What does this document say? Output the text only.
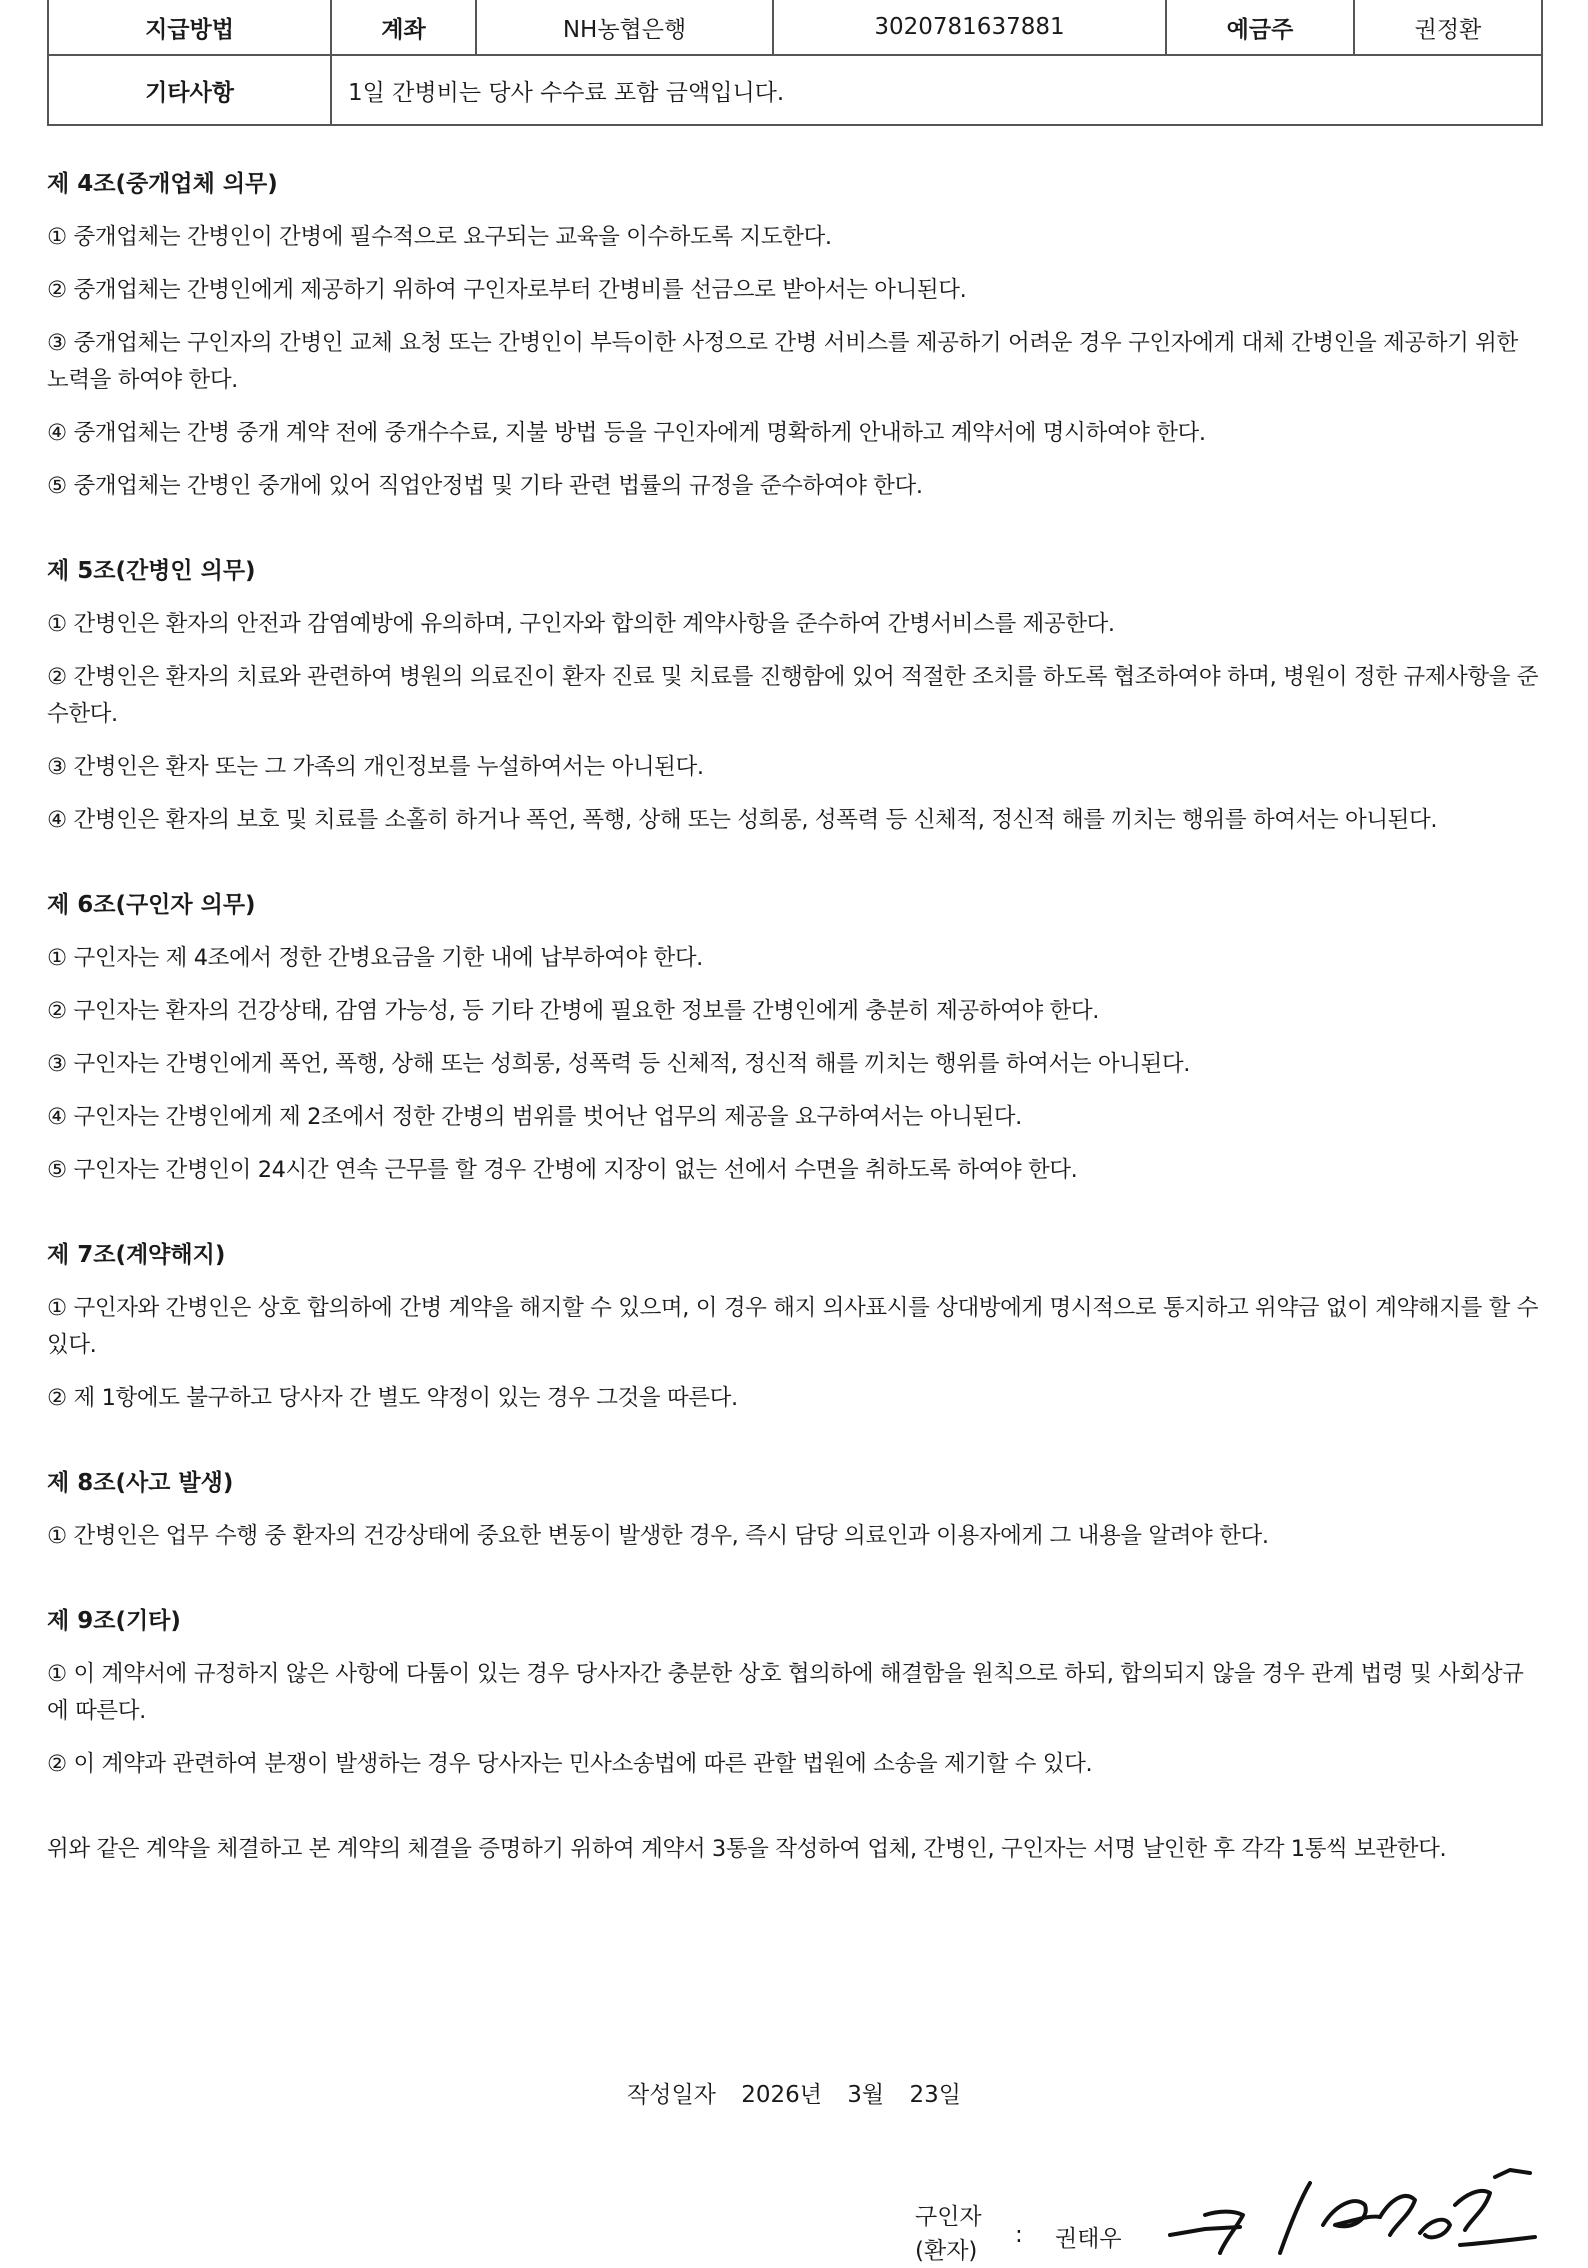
지급방법	계좌	NH농협은행	3020781637881	예금주	권정환
기타사항	1일 간병비는 당사 수수료 포함 금액입니다.				
제 4조(중개업체 의무)

① 중개업체는 간병인이 간병에 필수적으로 요구되는 교육을 이수하도록 지도한다.

② 중개업체는 간병인에게 제공하기 위하여 구인자로부터 간병비를 선금으로 받아서는 아니된다.

③ 중개업체는 구인자의 간병인 교체 요청 또는 간병인이 부득이한 사정으로 간병 서비스를 제공하기 어려운 경우 구인자에게 대체 간병인을 제공하기 위한 노력을 하여야 한다.

④ 중개업체는 간병 중개 계약 전에 중개수수료, 지불 방법 등을 구인자에게 명확하게 안내하고 계약서에 명시하여야 한다.

⑤ 중개업체는 간병인 중개에 있어 직업안정법 및 기타 관련 법률의 규정을 준수하여야 한다.

제 5조(간병인 의무)

① 간병인은 환자의 안전과 감염예방에 유의하며, 구인자와 합의한 계약사항을 준수하여 간병서비스를 제공한다.

② 간병인은 환자의 치료와 관련하여 병원의 의료진이 환자 진료 및 치료를 진행함에 있어 적절한 조치를 하도록 협조하여야 하며, 병원이 정한 규제사항을 준수한다.

③ 간병인은 환자 또는 그 가족의 개인정보를 누설하여서는 아니된다.

④ 간병인은 환자의 보호 및 치료를 소홀히 하거나 폭언, 폭행, 상해 또는 성희롱, 성폭력 등 신체적, 정신적 해를 끼치는 행위를 하여서는 아니된다.

제 6조(구인자 의무)

① 구인자는 제 4조에서 정한 간병요금을 기한 내에 납부하여야 한다.

② 구인자는 환자의 건강상태, 감염 가능성, 등 기타 간병에 필요한 정보를 간병인에게 충분히 제공하여야 한다.

③ 구인자는 간병인에게 폭언, 폭행, 상해 또는 성희롱, 성폭력 등 신체적, 정신적 해를 끼치는 행위를 하여서는 아니된다.

④ 구인자는 간병인에게 제 2조에서 정한 간병의 범위를 벗어난 업무의 제공을 요구하여서는 아니된다.

⑤ 구인자는 간병인이 24시간 연속 근무를 할 경우 간병에 지장이 없는 선에서 수면을 취하도록 하여야 한다.

제 7조(계약해지)

① 구인자와 간병인은 상호 합의하에 간병 계약을 해지할 수 있으며, 이 경우 해지 의사표시를 상대방에게 명시적으로 통지하고 위약금 없이 계약해지를 할 수 있다.

② 제 1항에도 불구하고 당사자 간 별도 약정이 있는 경우 그것을 따른다.

제 8조(사고 발생)

① 간병인은 업무 수행 중 환자의 건강상태에 중요한 변동이 발생한 경우, 즉시 담당 의료인과 이용자에게 그 내용을 알려야 한다.

제 9조(기타)

① 이 계약서에 규정하지 않은 사항에 다툼이 있는 경우 당사자간 충분한 상호 협의하에 해결함을 원칙으로 하되, 합의되지 않을 경우 관계 법령 및 사회상규에 따른다.

② 이 계약과 관련하여 분쟁이 발생하는 경우 당사자는 민사소송법에 따른 관할 법원에 소송을 제기할 수 있다.

위와 같은 계약을 체결하고 본 계약의 체결을 증명하기 위하여 계약서 3통을 작성하여 업체, 간병인, 구인자는 서명 날인한 후 각각 1통씩 보관한다.

작성일자 2026년 3월 23일
구인자
(환자)
: 권태우
